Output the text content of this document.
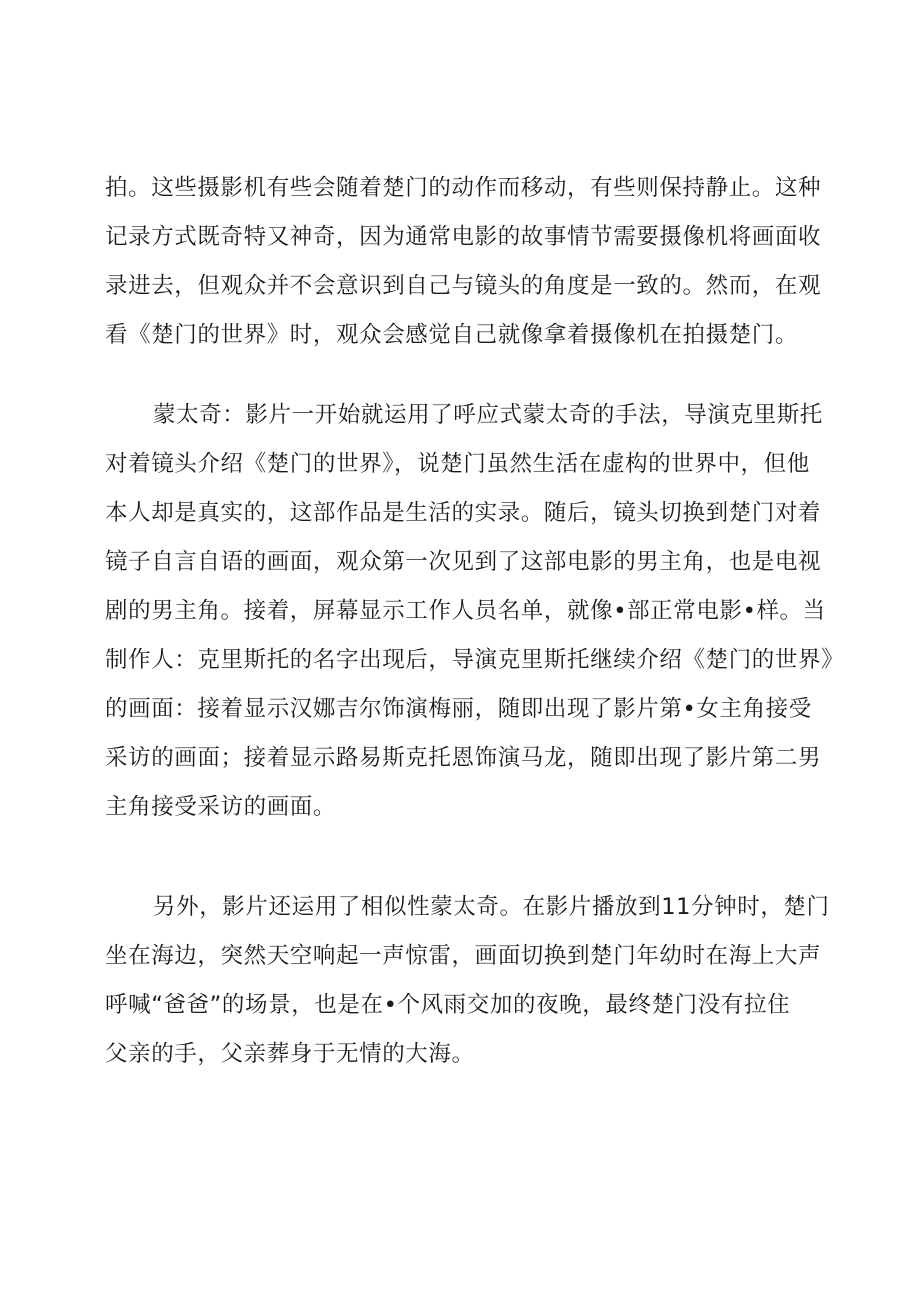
拍。这些摄影机有些会随着楚门的动作而移动，有些则保持静止。这种
记录方式既奇特又神奇，因为通常电影的故事情节需要摄像机将画面收
录进去，但观众并不会意识到自己与镜头的角度是一致的。然而，在观
看《楚门的世界》时，观众会感觉自己就像拿着摄像机在拍摄楚门。
蒙太奇：影片一开始就运用了呼应式蒙太奇的手法，导演克里斯托
对着镜头介绍《楚门的世界》，说楚门虽然生活在虚构的世界中，但他
本人却是真实的，这部作品是生活的实录。随后，镜头切换到楚门对着
镜子自言自语的画面，观众第一次见到了这部电影的男主角，也是电视
剧的男主角。接着，屏幕显示工作人员名单，就像•部正常电影•样。当
制作人：克里斯托的名字出现后，导演克里斯托继续介绍《楚门的世界》
的画面：接着显示汉娜吉尔饰演梅丽，随即出现了影片第•女主角接受
采访的画面；接着显示路易斯克托恩饰演马龙，随即出现了影片第二男
主角接受采访的画面。
另外，影片还运用了相似性蒙太奇。在影片播放到11分钟时，楚门
坐在海边，突然天空响起一声惊雷，画面切换到楚门年幼时在海上大声
呼喊“爸爸”的场景，也是在•个风雨交加的夜晚，最终楚门没有拉住
父亲的手，父亲葬身于无情的大海。
